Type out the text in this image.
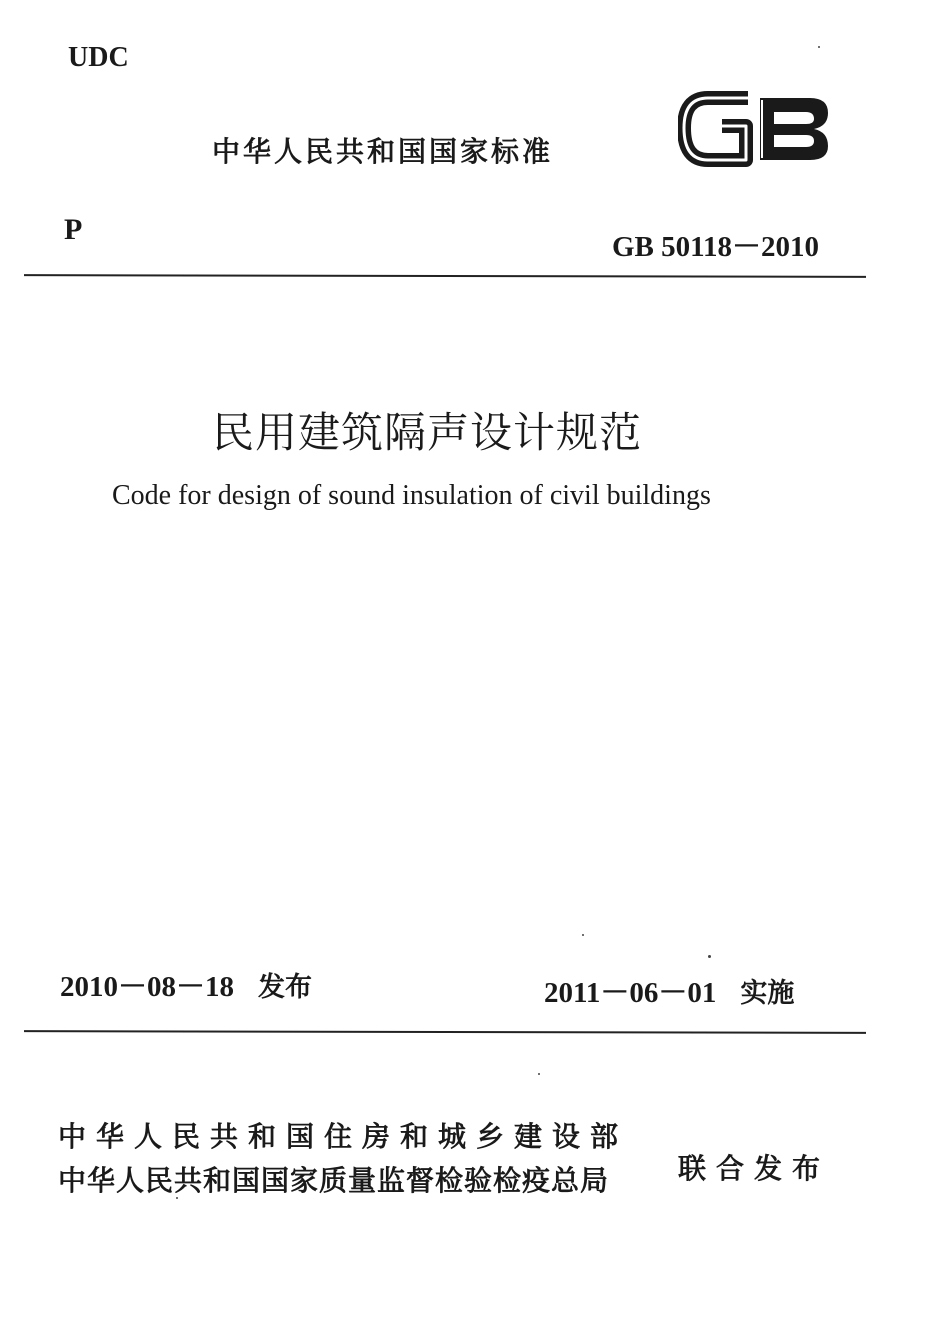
UDC
中华人民共和国国家标准
P
GB 50118－2010
民用建筑隔声设计规范
Code for design of sound insulation of civil buildings
2010－08－18 发布	2011－06－01 实施
中华人民共和国住房和城乡建设部
中华人民共和国国家质量监督检验检疫总局 联合发布
